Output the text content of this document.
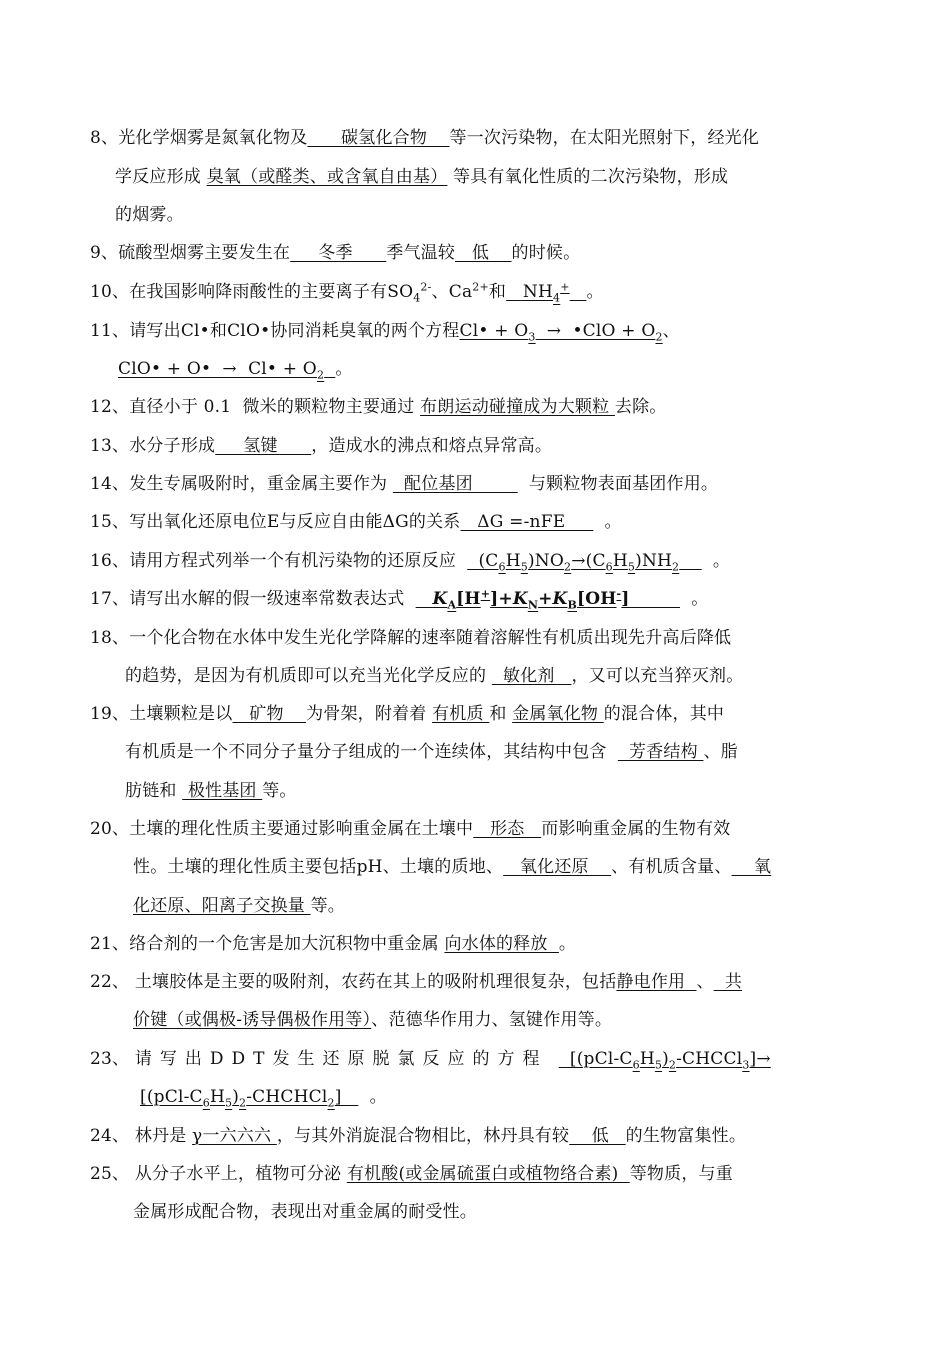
8、光化学烟雾是氮氧化物及      碳氢化合物    等一次污染物，在太阳光照射下，经光化
学反应形成 臭氧（或醛类、或含氧自由基） 等具有氧化性质的二次污染物，形成
的烟雾。
9、硫酸型烟雾主要发生在     冬季      季气温较   低    的时候。
10、在我国影响降雨酸性的主要离子有$SO_4^{2-}$、$Ca^{2+}$和   $NH_4^+$ 。
11、请写出Cl•和ClO•协同消耗臭氧的两个方程Cl• + $O_3$  →  •ClO + $O_2$、
ClO• + O•  →  Cl• + $O_2$ 。
12、直径小于 0.1  微米的颗粒物主要通过 布朗运动碰撞成为大颗粒 去除。
13、水分子形成     氢键      ，造成水的沸点和熔点异常高。
14、发生专属吸附时，重金属主要作为   配位基团          与颗粒物表面基团作用。
15、写出氧化还原电位E与反应自由能ΔG的关系   ΔG =-nFE       。
16、请用方程式列举一个有机污染物的还原反应    $(C_6H_5)NO_2\to(C_6H_5)NH_2$      。
17、请写出水解的假一级速率常数表达式     $K_A[H^+]+K_N+K_B[OH^-]$	。
18、一个化合物在水体中发生光化学降解的速率随着溶解性有机质出现先升高后降低
的趋势，是因为有机质即可以充当光化学反应的   敏化剂   ，又可以充当猝灭剂。
19、土壤颗粒是以   矿物    为骨架，附着着 有机质 和 金属氧化物 的混合体，其中
有机质是一个不同分子量分子组成的一个连续体，其结构中包含    芳香结构 、脂
肪链和  极性基团 等。
20、土壤的理化性质主要通过影响重金属在土壤中   形态   而影响重金属的生物有效
性。土壤的理化性质主要包括pH、土壤的质地、   氧化还原    、有机质含量、    氧
化还原、阳离子交换量 等。
21、络合剂的一个危害是加大沉积物中重金属 向水体的释放  。
22、 土壤胶体是主要的吸附剂，农药在其上的吸附机理很复杂，包括静电作用  、  共
价键（或偶极-诱导偶极作用等）、范德华作用力、氢键作用等。
23、 请写出DDT发生还原脱氯反应的方程    $[(pCl-C_6H_5)_2-CHCCl_3]\to$
$[(pCl-C_6H_5)_2-CHCHCl_2]$     。
24、 林丹是 γ一六六六 ，与其外消旋混合物相比，林丹具有较    低   的生物富集性。
25、 从分子水平上，植物可分泌 有机酸(或金属硫蛋白或植物络合素)  等物质，与重
金属形成配合物，表现出对重金属的耐受性。
